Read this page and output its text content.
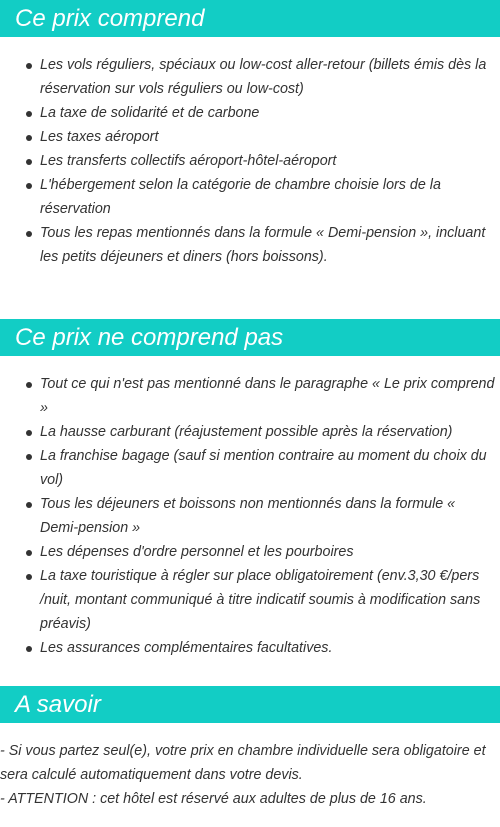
Ce prix comprend
Les vols réguliers, spéciaux ou low-cost aller-retour (billets émis dès la réservation sur vols réguliers ou low-cost)
La taxe de solidarité et de carbone
Les taxes aéroport
Les transferts collectifs aéroport-hôtel-aéroport
L'hébergement selon la catégorie de chambre choisie lors de la réservation
Tous les repas mentionnés dans la formule « Demi-pension », incluant les petits déjeuners et diners (hors boissons).
Ce prix ne comprend pas
Tout ce qui n'est pas mentionné dans le paragraphe « Le prix comprend »
La hausse carburant (réajustement possible après la réservation)
La franchise bagage (sauf si mention contraire au moment du choix du vol)
Tous les déjeuners et boissons non mentionnés dans la formule « Demi-pension »
Les dépenses d'ordre personnel et les pourboires
La taxe touristique à régler sur place obligatoirement (env.3,30 €/pers /nuit, montant communiqué à titre indicatif soumis à modification sans préavis)
Les assurances complémentaires facultatives.
A savoir
- Si vous partez seul(e), votre prix en chambre individuelle sera obligatoire et sera calculé automatiquement dans votre devis.
- ATTENTION : cet hôtel est réservé aux adultes de plus de 16 ans.
